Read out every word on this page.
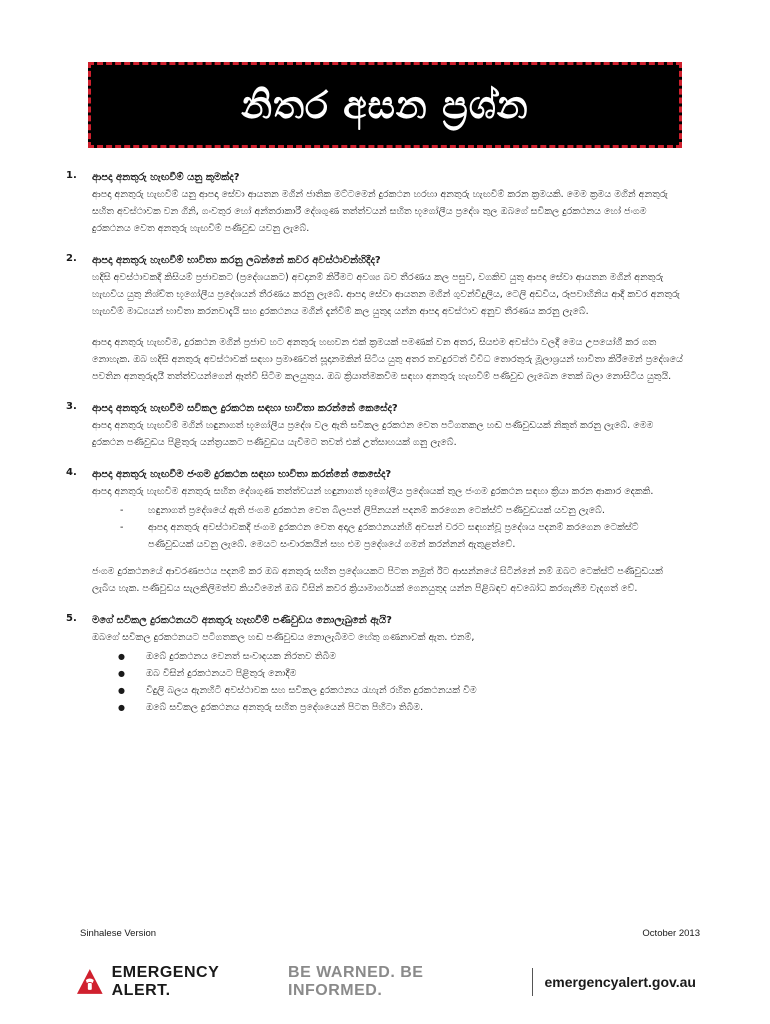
නිතර අසන ප්‍රශ්න
1.	ආපදා අනතුරු හැඟවීම් යනු කුමක්ද?

ආපදා අනතුරු හැඟවීම් යනු ආපදා සේවා ආයතන මගින් ජාතික මට්ටමෙන් දුරකථන හරහා අනතුරු හැඟවීම් කරන ක්‍රමයකි. මෙම ක්‍රමය මගින් අනතුරු සහිත අවස්ථාවක වන ගිනි, ගංවතුර හෝ අන්තරාකාරී දේශගුණ තත්ත්වයන් සහිත භූගෝලීය ප්‍රදේශ තුල ඔබගේ සවිකල දුරකථනය හෝ ජංගම දුරකථනය වෙත අනතුරු හැඟවීම් පණිවුඩ යවනු ලැබේ.

2.	ආපදා අනතුරු හැඟවීම් භාවිතා කරනු ලබන්නේ කවර අවස්ථාවන්හිදීද?

හදිසි අවස්ථාවකදී කිසියම් ප්‍රජාවකට (ප්‍රදේශයකට) අවදානම් කිරීමට අවශ්‍ය බව තීරණය කල පසුව, වගකිව යුතු ආපදා සේවා ආයතන මගින් අනතුරු හැඟවිය යුතු නිශ්චිත භූගෝලීය ප්‍රදේශයන් තීරණය කරනු ලැබේ. ආපදා සේවා ආයතන මගින් ගුවන්විදුලිය, ටෙලි අඩවිය, රූපවාහිනිය ආදී කවර අනතුරු හැඟවීම් මාධ්‍යයන් භාවිතා කරනවාදැයි සහ දුරකථනය මගින් දැන්වීම් කල යුතුද යන්න ආපදා අවස්ථාව අනුව තීරණය කරනු ලැබේ.

ආපදා අනතුරු හැඟවීම, දුරකථන මගින් ප්‍රජාව හට අනතුරු හඟවන එක් ක්‍රමයක් පමණක් වන අතර, සියළුම අවස්ථා වලදී මෙය උපයෝගී කර ගත නොහැක. ඔබ හදිසි අනතුරු අවස්ථාවක් සඳහා ප්‍රමාණවත් සූදානමකින් සිටිය යුතු අතර තවදුරටත් විවිධ තොරතුරු මූලාශ්‍රයන් භාවිතා කිරීමෙන් ප්‍රදේශයේ පවතින අනතුරුදායී තත්ත්වයන්ගෙන් ඈත්වී සිටීම කලයුතුය. ඔබ ක්‍රියාත්මකවීම සඳහා අනතුරු හැඟවීම් පණිවුඩ ලැබෙන තෙක් බලා නොසිටිය යුතුයි.

3.	ආපදා අනතුරු හැඟවීම සවිකල දුරකථන සඳහා භාවිතා කරන්නේ කෙසේද?

ආපදා අනතුරු හැඟවීම් මගින් හඳුනාගත් භූගෝලීය ප්‍රදේශ වල ඇති සවිකල දුරකථන වෙත පටිගතකල හඬ පණිවුඩයක් නිකුත් කරනු ලැබේ. මෙම දුරකථන පණිවුඩය පිළිතුරු යන්ත්‍රයකට පණිවුඩය යැවීමට තවත් එක් උත්සාහයක් ගනු ලැබේ.

4.	ආපදා අනතුරු හැඟවීම ජංගම දුරකථන සඳහා භාවිතා කරන්නේ කෙසේද?

ආපදා අනතුරු හැඟවීම අනතුරු සහිත දේශගුණ තත්ත්වයන් හඳුනාගත් භූගෝලීය ප්‍රදේශයක් තුල ජංගම දුරකථන සඳහා ක්‍රියා කරන ආකාර දෙකකි.

- හඳුනාගත් ප්‍රදේශයේ ඇති ජංගම දුරකථන වෙත බිලපත් ලිපිනයන් පදනම් කරගෙන ටෙක්ස්ට් පණිවුඩයක් යවනු ලැබේ.
- ආපදා අනතුරු අවස්ථාවකදී ජංගම දුරකථන වෙත අදාල දුරකථනයන්හි අවසන් වරට සඳහන්වූ ප්‍රදේශය පදනම් කරගෙන ටෙක්ස්ට් පණිවුඩයක් යවනු ලැබේ. මෙයට සංචාරකයින් සහ එම ප්‍රදේශයේ ගමන් කරන්නන් ඇතුළත්වේ.

ජංගම දුරකථනයේ ආවරණපථය පදනම් කර ඔබ අනතුරු සහිත ප්‍රදේශයකට පිටත නමුත් ඊට ආසන්නයේ සිටින්නේ නම් ඔබට ටෙක්ස්ට් පණිවුඩයක් ලැබිය හැක. පණිවුඩය සැලකිලිමත්ව කියවීමෙන් ඔබ විසින් කවර ක්‍රියාමාර්ගයක් ගෙනයුතුද යන්න පිළිබඳව අවබෝධ කරගැනීම වැදගත් වේ.

5.	මගේ සවිකල දුරකථනයට අනතුරු හැඟවීම් පණිවුඩය නොලැබුනේ ඇයි?

ඔබගේ සවිකල දුරකථනයට පටිගතකල හඬ පණිවුඩය නොලැබීමට හේතු ගණනාවක් ඇත. එනම්,

● ඔබේ දුරකථනය වෙනත් සංවාදයක නිරතව තිබීම
● ඔබ විසින් දුරකථනයට පිළිතුරු නොදීම
● විදුලි බලය ඇනහිටි අවස්ථාවක සහ සවිකල දුරකථනය රැහැන් රහිත දුරකථනයක් වීම
● ඔබේ සවිකල දුරකථනය අනතුරු සහිත ප්‍රදේශයෙන් පිටත පිහිටා තිබීම.
Sinhalese Version	October 2013
EMERGENCY ALERT.
BE WARNED. BE INFORMED.	emergencyalert.gov.au
